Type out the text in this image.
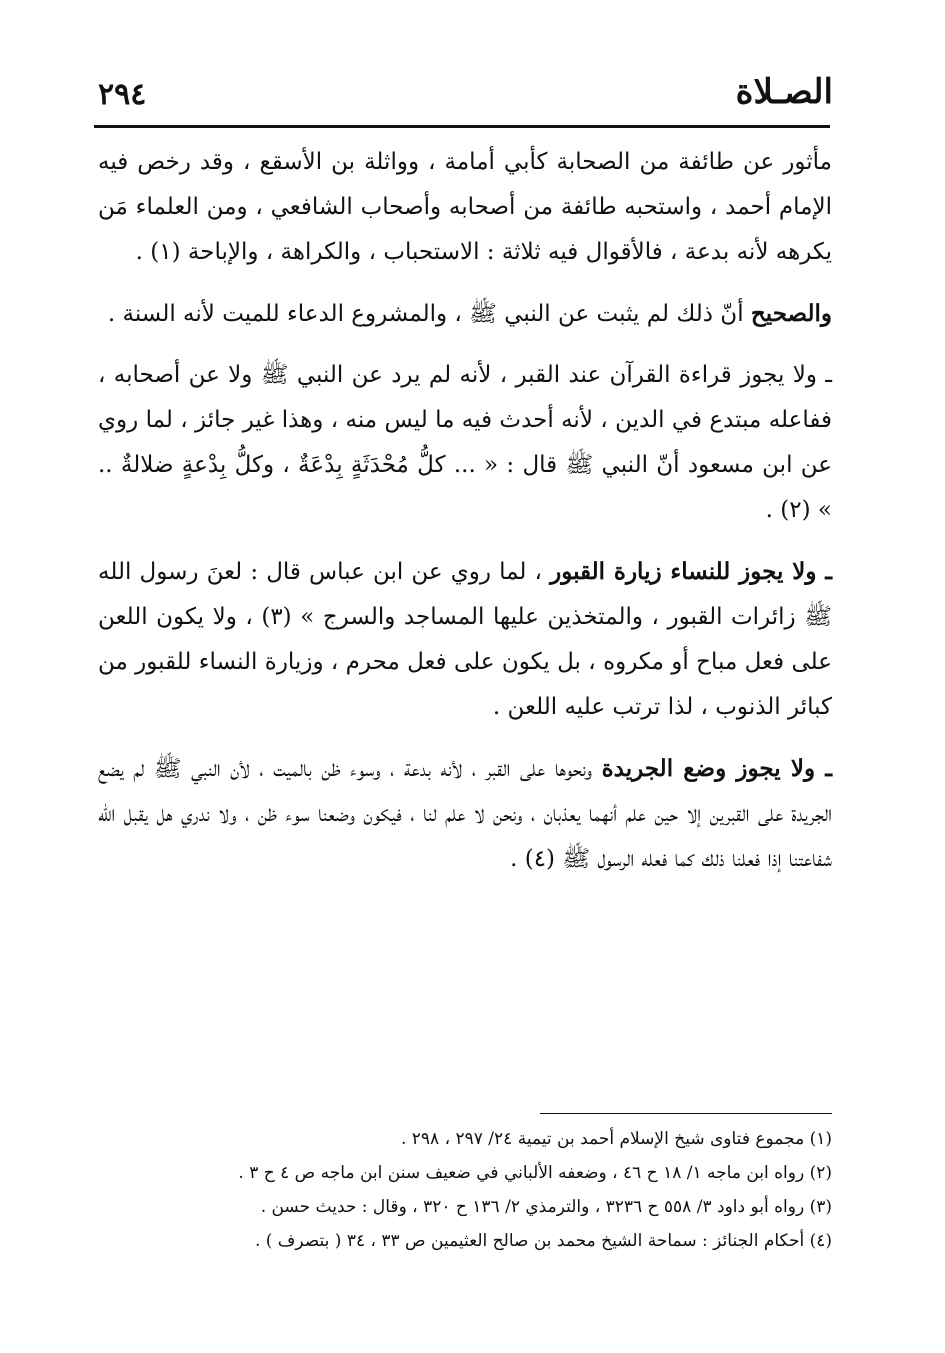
الصـلاة
٢٩٤

مأثور عن طائفة من الصحابة كأبي أمامة ، وواثلة بن الأسقع ، وقد رخص فيه الإمام أحمد ، واستحبه طائفة من أصحابه وأصحاب الشافعي ، ومن العلماء مَن يكرهه لأنه بدعة ، فالأقوال فيه ثلاثة : الاستحباب ، والكراهة ، والإباحة (١) .

والصحيح أنّ ذلك لم يثبت عن النبي ﷺ ، والمشروع الدعاء للميت لأنه السنة .

ـ ولا يجوز قراءة القرآن عند القبر ، لأنه لم يرد عن النبي ﷺ ولا عن أصحابه ، ففاعله مبتدع في الدين ، لأنه أحدث فيه ما ليس منه ، وهذا غير جائز ، لما روي عن ابن مسعود أنّ النبي ﷺ قال : « ... كلُّ مُحْدَثَةٍ بِدْعَةٌ ، وكلُّ بِدْعةٍ ضلالةٌ .. » (٢) .

ـ ولا يجوز للنساء زيارة القبور ، لما روي عن ابن عباس قال : لعنَ رسول الله ﷺ زائرات القبور ، والمتخذين عليها المساجد والسرج » (٣) ، ولا يكون اللعن على فعل مباح أو مكروه ، بل يكون على فعل محرم ، وزيارة النساء للقبور من كبائر الذنوب ، لذا ترتب عليه اللعن .

ـ ولا يجوز وضع الجريدة ونحوها على القبر ، لأنه بدعة ، وسوء ظن بالميت ، لأن النبي ﷺ لم يضع الجريدة على القبرين إلا حين علم أنهما يعذبان ، ونحن لا علم لنا ، فيكون وضعنا سوء ظن ، ولا ندري هل يقبل الله شفاعتنا إذا فعلنا ذلك كما فعله الرسول ﷺ (٤) .

(١) مجموع فتاوى شيخ الإسلام أحمد بن تيمية ٢٤/ ٢٩٧ ، ٢٩٨ .
(٢) رواه ابن ماجه ١/ ١٨ ح ٤٦ ، وضعفه الألباني في ضعيف سنن ابن ماجه ص ٤ ح ٣ .
(٣) رواه أبو داود ٣/ ٥٥٨ ح ٣٢٣٦ ، والترمذي ٢/ ١٣٦ ح ٣٢٠ ، وقال : حديث حسن .
(٤) أحكام الجنائز : سماحة الشيخ محمد بن صالح العثيمين ص ٣٣ ، ٣٤ ( بتصرف ) .
